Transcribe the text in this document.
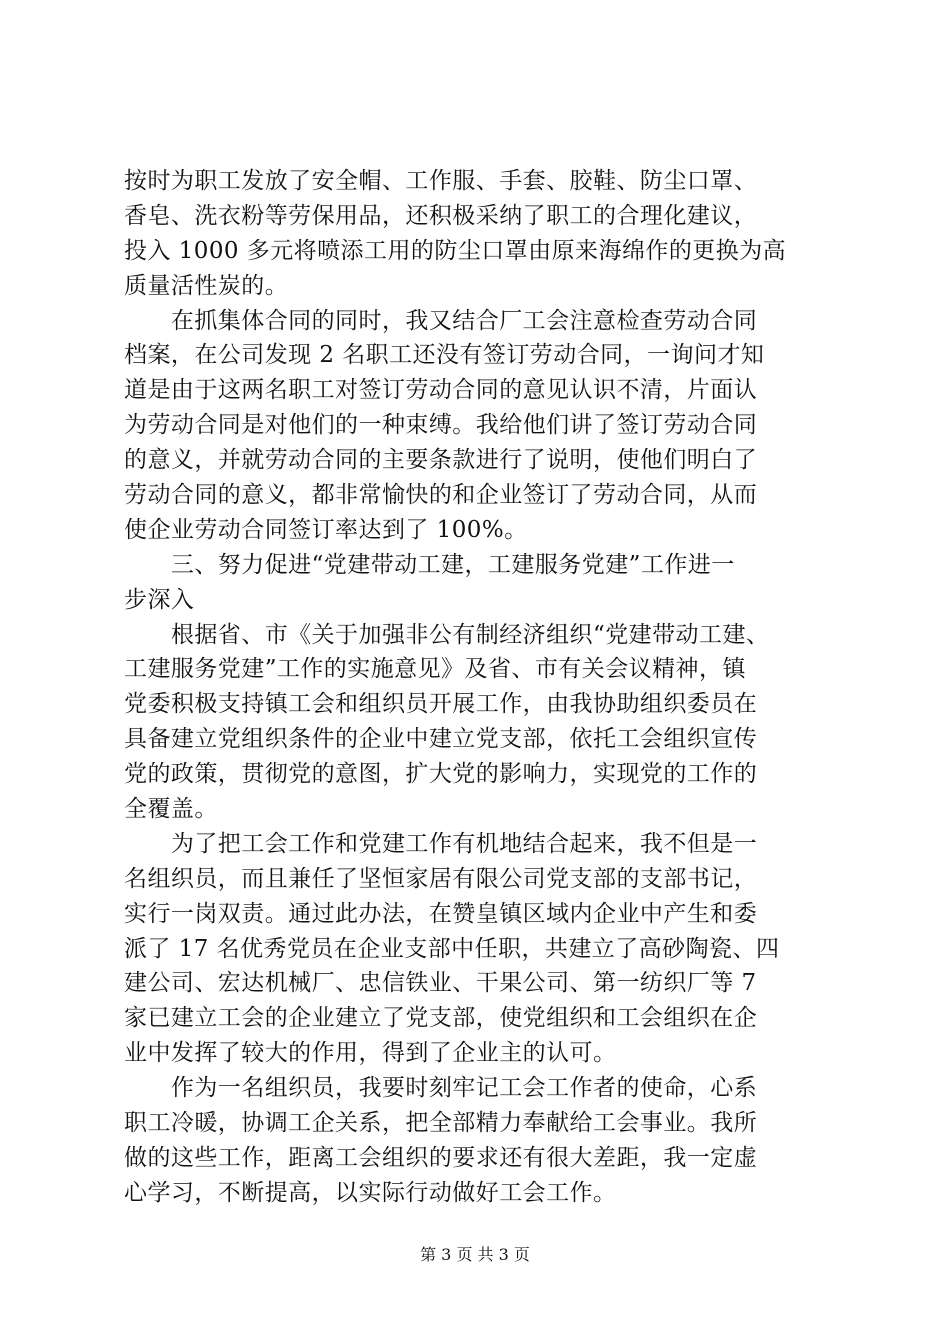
按时为职工发放了安全帽、工作服、手套、胶鞋、防尘口罩、
香皂、洗衣粉等劳保用品，还积极采纳了职工的合理化建议，
投入 1000 多元将喷添工用的防尘口罩由原来海绵作的更换为高
质量活性炭的。
　　在抓集体合同的同时，我又结合厂工会注意检查劳动合同
档案，在公司发现 2 名职工还没有签订劳动合同，一询问才知
道是由于这两名职工对签订劳动合同的意见认识不清，片面认
为劳动合同是对他们的一种束缚。我给他们讲了签订劳动合同
的意义，并就劳动合同的主要条款进行了说明，使他们明白了
劳动合同的意义，都非常愉快的和企业签订了劳动合同，从而
使企业劳动合同签订率达到了 100%。
　　三、努力促进“党建带动工建，工建服务党建”工作进一
步深入
　　根据省、市《关于加强非公有制经济组织“党建带动工建、
工建服务党建”工作的实施意见》及省、市有关会议精神，镇
党委积极支持镇工会和组织员开展工作，由我协助组织委员在
具备建立党组织条件的企业中建立党支部，依托工会组织宣传
党的政策，贯彻党的意图，扩大党的影响力，实现党的工作的
全覆盖。
　　为了把工会工作和党建工作有机地结合起来，我不但是一
名组织员，而且兼任了坚恒家居有限公司党支部的支部书记，
实行一岗双责。通过此办法，在赞皇镇区域内企业中产生和委
派了 17 名优秀党员在企业支部中任职，共建立了高砂陶瓷、四
建公司、宏达机械厂、忠信铁业、干果公司、第一纺织厂等 7
家已建立工会的企业建立了党支部，使党组织和工会组织在企
业中发挥了较大的作用，得到了企业主的认可。
　　作为一名组织员，我要时刻牢记工会工作者的使命，心系
职工冷暖，协调工企关系，把全部精力奉献给工会事业。我所
做的这些工作，距离工会组织的要求还有很大差距，我一定虚
心学习，不断提高，以实际行动做好工会工作。
第 3 页 共 3 页
